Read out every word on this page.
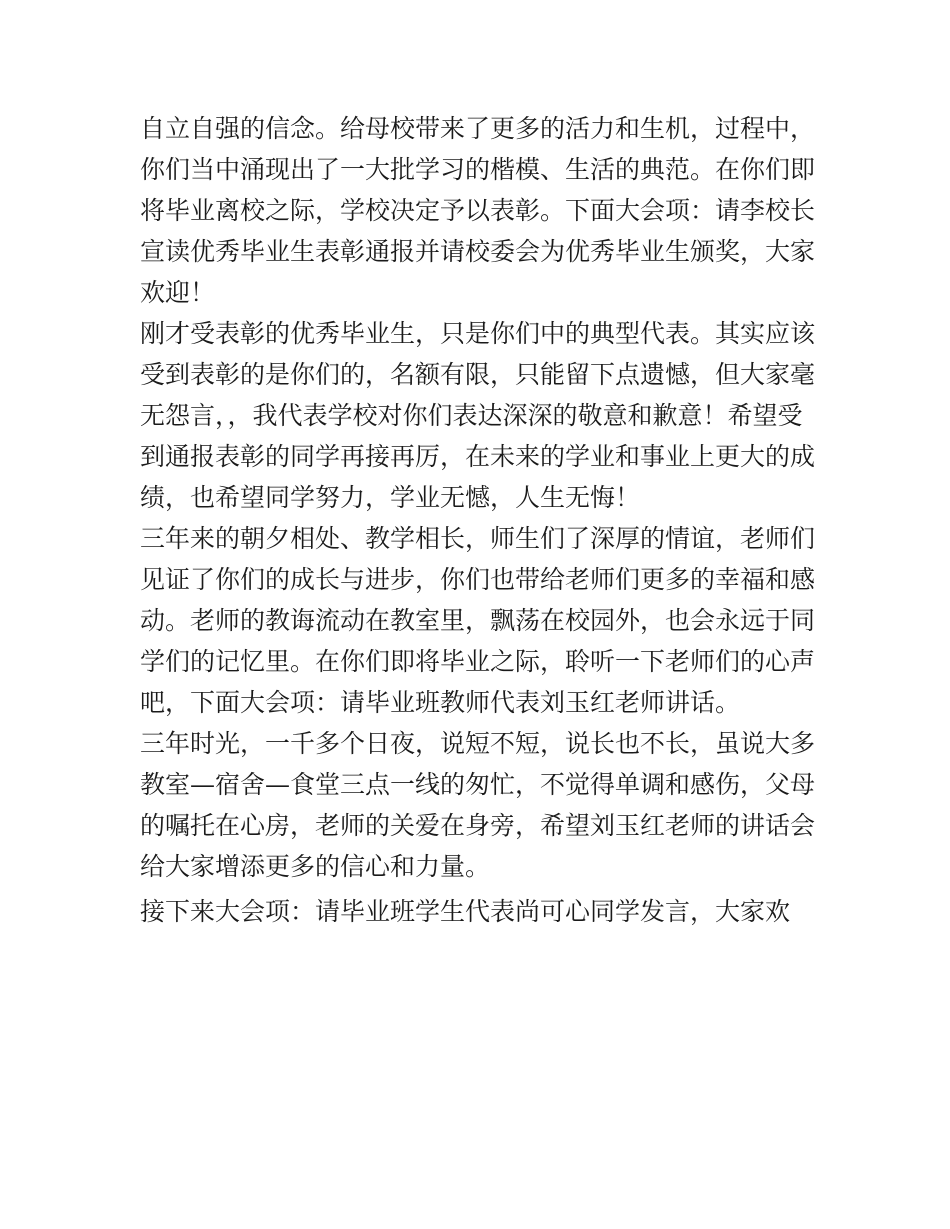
自立自强的信念。给母校带来了更多的活力和生机，过程中，
你们当中涌现出了一大批学习的楷模、生活的典范。在你们即
将毕业离校之际，学校决定予以表彰。下面大会项：请李校长
宣读优秀毕业生表彰通报并请校委会为优秀毕业生颁奖，大家
欢迎！
刚才受表彰的优秀毕业生，只是你们中的典型代表。其实应该
受到表彰的是你们的，名额有限，只能留下点遗憾，但大家毫
无怨言，，我代表学校对你们表达深深的敬意和歉意！希望受
到通报表彰的同学再接再厉，在未来的学业和事业上更大的成
绩，也希望同学努力，学业无憾，人生无悔！
三年来的朝夕相处、教学相长，师生们了深厚的情谊，老师们
见证了你们的成长与进步，你们也带给老师们更多的幸福和感
动。老师的教诲流动在教室里，飘荡在校园外，也会永远于同
学们的记忆里。在你们即将毕业之际，聆听一下老师们的心声
吧，下面大会项：请毕业班教师代表刘玉红老师讲话。
三年时光，一千多个日夜，说短不短，说长也不长，虽说大多
教室—宿舍—食堂三点一线的匆忙，不觉得单调和感伤，父母
的嘱托在心房，老师的关爱在身旁，希望刘玉红老师的讲话会
给大家增添更多的信心和力量。
接下来大会项：请毕业班学生代表尚可心同学发言，大家欢
